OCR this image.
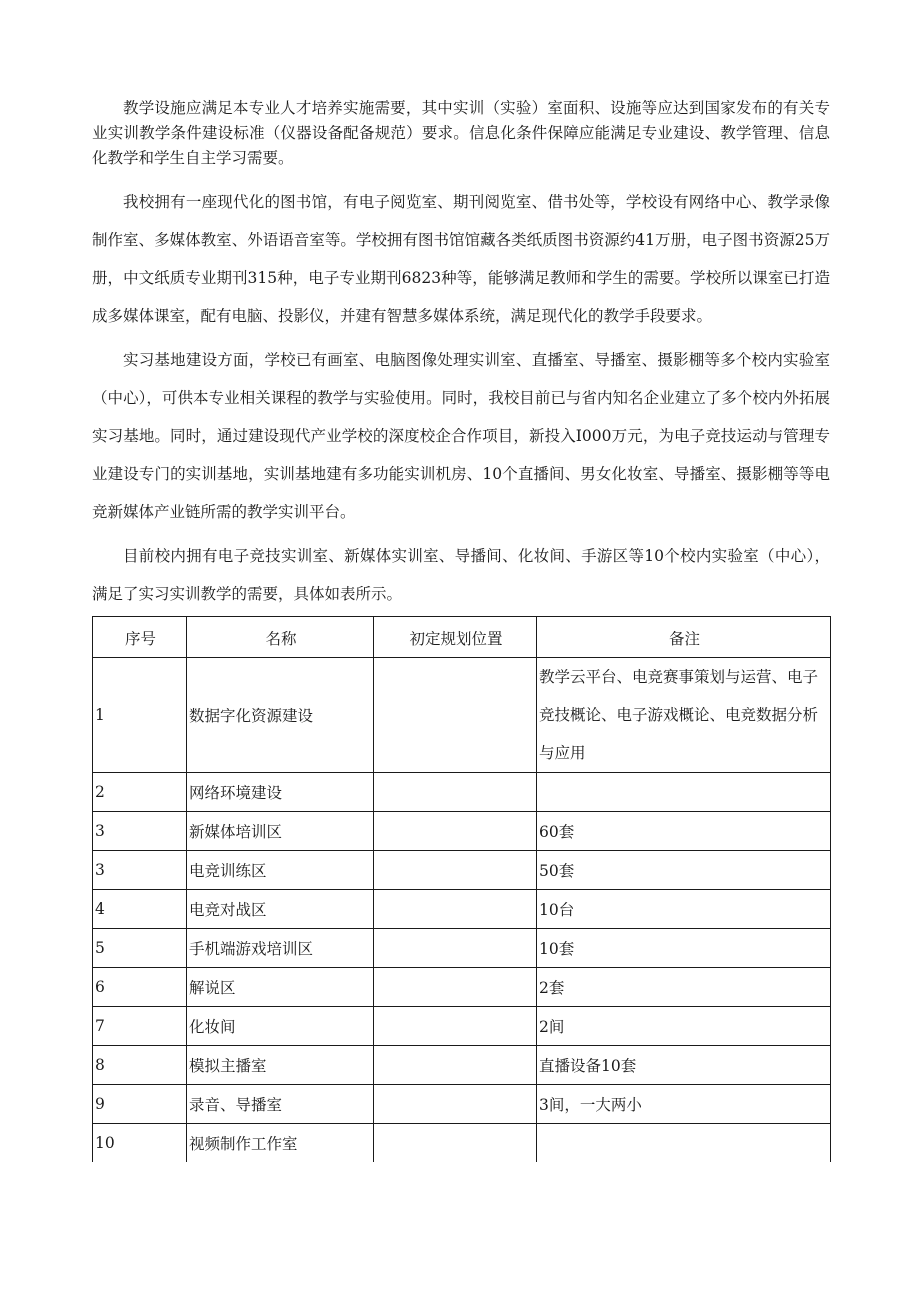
教学设施应满足本专业人才培养实施需要，其中实训（实验）室面积、设施等应达到国家发布的有关专业实训教学条件建设标准（仪器设备配备规范）要求。信息化条件保障应能满足专业建设、教学管理、信息化教学和学生自主学习需要。

我校拥有一座现代化的图书馆，有电子阅览室、期刊阅览室、借书处等，学校设有网络中心、教学录像制作室、多媒体教室、外语语音室等。学校拥有图书馆馆藏各类纸质图书资源约41万册，电子图书资源25万册，中文纸质专业期刊315种，电子专业期刊6823种等，能够满足教师和学生的需要。学校所以课室已打造成多媒体课室，配有电脑、投影仪，并建有智慧多媒体系统，满足现代化的教学手段要求。

实习基地建设方面，学校已有画室、电脑图像处理实训室、直播室、导播室、摄影棚等多个校内实验室（中心），可供本专业相关课程的教学与实验使用。同时，我校目前已与省内知名企业建立了多个校内外拓展实习基地。同时，通过建设现代产业学校的深度校企合作项目，新投入I000万元，为电子竞技运动与管理专业建设专门的实训基地，实训基地建有多功能实训机房、10个直播间、男女化妆室、导播室、摄影棚等等电竞新媒体产业链所需的教学实训平台。

目前校内拥有电子竞技实训室、新媒体实训室、导播间、化妆间、手游区等10个校内实验室（中心），满足了实习实训教学的需要，具体如表所示。

序号	名称	初定规划位置	备注
1	数据字化资源建设		教学云平台、电竞赛事策划与运营、电子竞技概论、电子游戏概论、电竞数据分析与应用
2	网络环境建设		
3	新媒体培训区		60套
3	电竞训练区		50套
4	电竞对战区		10台
5	手机端游戏培训区		10套
6	解说区		2套
7	化妆间		2间
8	模拟主播室		直播设备10套
9	录音、导播室		3间，一大两小
10	视频制作工作室		
